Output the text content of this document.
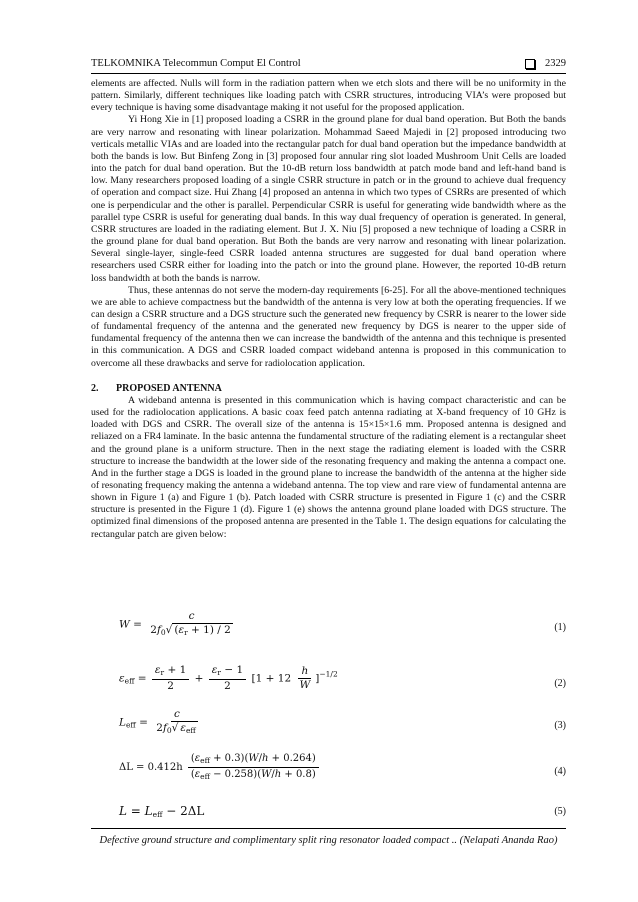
TELKOMNIKA Telecommun Comput El Control	2329

elements are affected. Nulls will form in the radiation pattern when we etch slots and there will be no uniformity in the pattern. Similarly, different techniques like loading patch with CSRR structures, introducing VIA’s were proposed but every technique is having some disadvantage making it not useful for the proposed application.

Yi Hong Xie in [1] proposed loading a CSRR in the ground plane for dual band operation. But Both the bands are very narrow and resonating with linear polarization. Mohammad Saeed Majedi in [2] proposed introducing two verticals metallic VIAs and are loaded into the rectangular patch for dual band operation but the impedance bandwidth at both the bands is low. But Binfeng Zong in [3] proposed four annular ring slot loaded Mushroom Unit Cells are loaded into the patch for dual band operation. But the 10-dB return loss bandwidth at patch mode band and left-hand band is low. Many researchers proposed loading of a single CSRR structure in patch or in the ground to achieve dual frequency of operation and compact size. Hui Zhang [4] proposed an antenna in which two types of CSRRs are presented of which one is perpendicular and the other is parallel. Perpendicular CSRR is useful for generating wide bandwidth where as the parallel type CSRR is useful for generating dual bands. In this way dual frequency of operation is generated. In general, CSRR structures are loaded in the radiating element. But J. X. Niu [5] proposed a new technique of loading a CSRR in the ground plane for dual band operation. But Both the bands are very narrow and resonating with linear polarization. Several single-layer, single-feed CSRR loaded antenna structures are suggested for dual band operation where researchers used CSRR either for loading into the patch or into the ground plane. However, the reported 10-dB return loss bandwidth at both the bands is narrow.

Thus, these antennas do not serve the modern-day requirements [6-25]. For all the above-mentioned techniques we are able to achieve compactness but the bandwidth of the antenna is very low at both the operating frequencies. If we can design a CSRR structure and a DGS structure such the generated new frequency by CSRR is nearer to the lower side of fundamental frequency of the antenna and the generated new frequency by DGS is nearer to the upper side of fundamental frequency of the antenna then we can increase the bandwidth of the antenna and this technique is presented in this communication. A DGS and CSRR loaded compact wideband antenna is proposed in this communication to overcome all these drawbacks and serve for radiolocation application.

2. PROPOSED ANTENNA

A wideband antenna is presented in this communication which is having compact characteristic and can be used for the radiolocation applications. A basic coax feed patch antenna radiating at X-band frequency of 10 GHz is loaded with DGS and CSRR. The overall size of the antenna is 15×15×1.6 mm. Proposed antenna is designed and reliazed on a FR4 laminate. In the basic antenna the fundamental structure of the radiating element is a rectangular sheet and the ground plane is a uniform structure. Then in the next stage the radiating element is loaded with the CSRR structure to increase the bandwidth at the lower side of the resonating frequency and making the antenna a compact one. And in the further stage a DGS is loaded in the ground plane to increase the bandwidth of the antenna at the higher side of resonating frequency making the antenna a wideband antenna. The top view and rare view of fundamental antenna are shown in Figure 1 (a) and Figure 1 (b). Patch loaded with CSRR structure is presented in Figure 1 (c) and the CSRR structure is presented in the Figure 1 (d). Figure 1 (e) shows the antenna ground plane loaded with DGS structure. The optimized final dimensions of the proposed antenna are presented in the Table 1. The design equations for calculating the rectangular patch are given below:

$W = \frac{c}{2f_0√ (\varepsilon_r + 1) / 2}$	(1)
$\varepsilon_{eff} = \frac{\varepsilon_r + 1}{2} + \frac{\varepsilon_r - 1}{2} [1 + 12 \frac{h}{W} ]^{-1/2}$
(2)
$L_{eff} = \frac{c}{2f_0√ \varepsilon_{eff}}$	(3)
$\Delta L = 0.412h \frac{(\varepsilon_{eff} + 0.3)(W/h + 0.264)}{(\varepsilon_{eff} - 0.258)(W/h + 0.8)}$	(4)
$L = L_{eff} - 2\Delta L$	(5)
Defective ground structure and complimentary split ring resonator loaded compact .. (Nelapati Ananda Rao)
